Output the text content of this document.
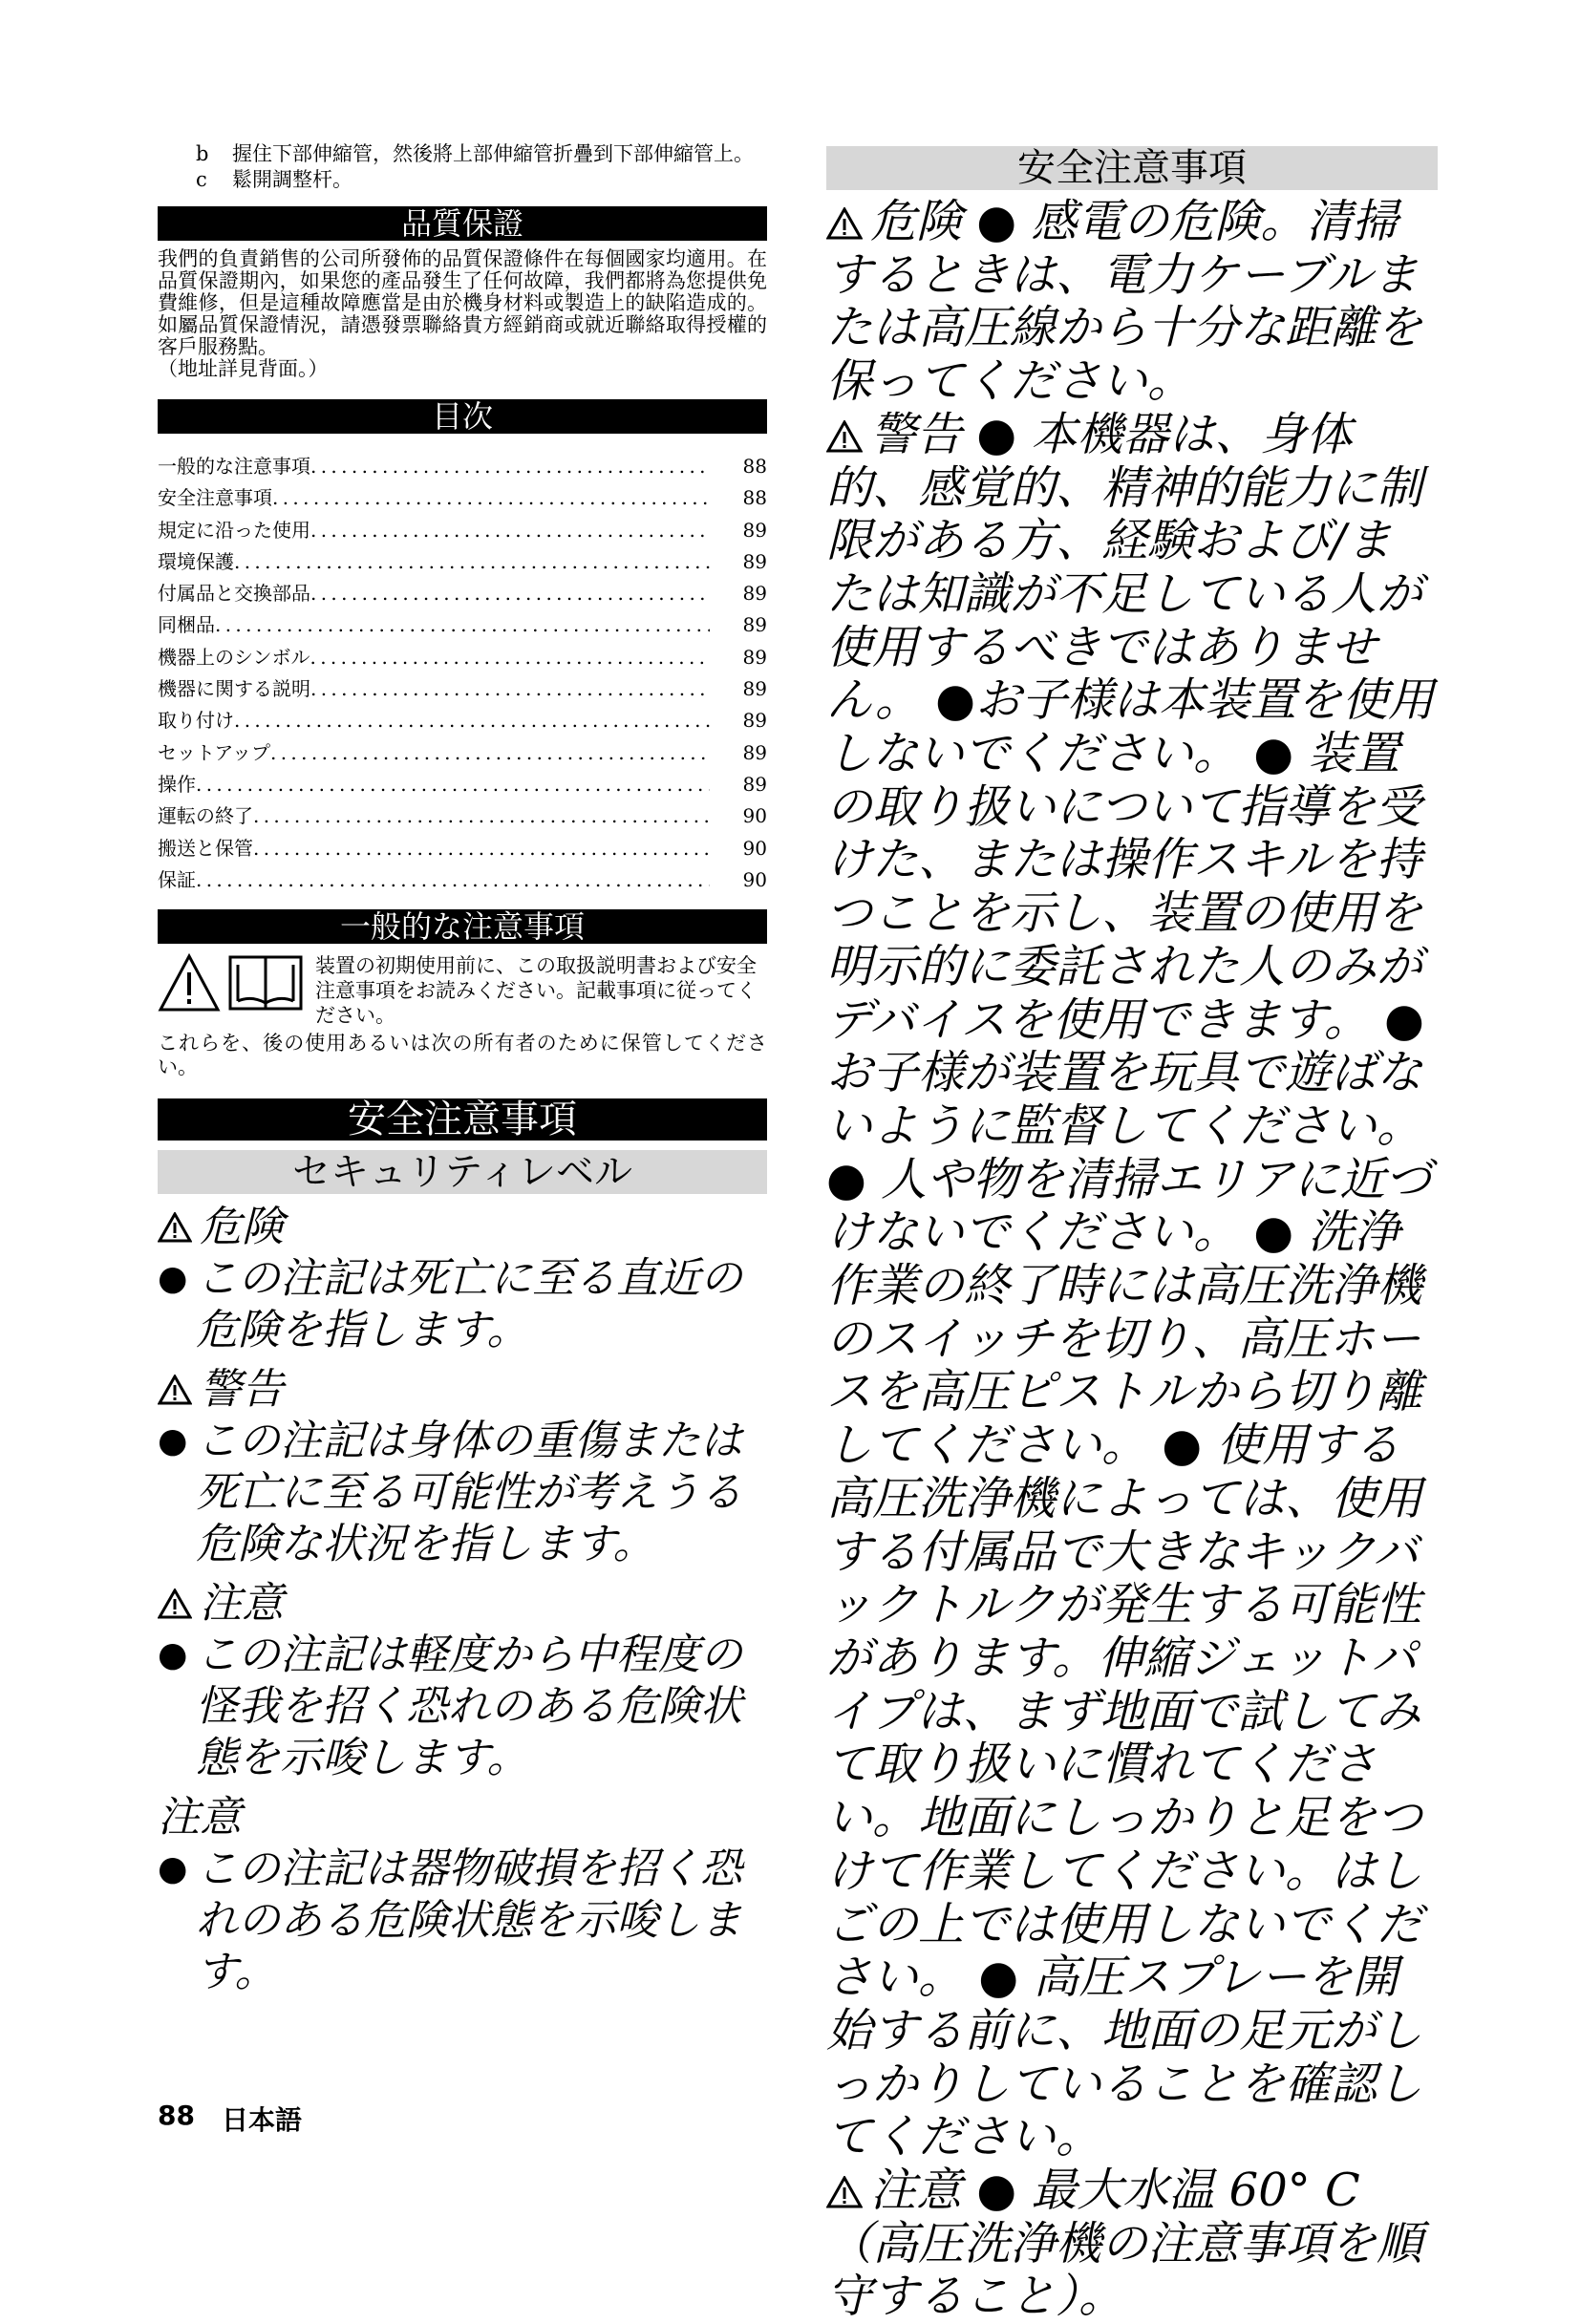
b	握住下部伸縮管，然後將上部伸縮管折疊到下部伸縮管上。
c	鬆開調整杆。
品質保證
我們的負責銷售的公司所發佈的品質保證條件在每個國家均適用。在品質保證期內，如果您的產品發生了任何故障，我們都將為您提供免費維修，但是這種故障應當是由於機身材料或製造上的缺陷造成的。如屬品質保證情況，請憑發票聯絡貴方經銷商或就近聯絡取得授權的客戶服務點。
（地址詳見背面。）
目次
一般的な注意事項 . . .	88
安全注意事項 . . .	88
規定に沿った使用 . . .	89
環境保護 . . .	89
付属品と交換部品 . . .	89
同梱品 . . .	89
機器上のシンボル . . .	89
機器に関する説明 . . .	89
取り付け . . .	89
セットアップ . . .	89
操作 . . .	89
運転の終了 . . .	90
搬送と保管 . . .	90
保証 . . .	90
一般的な注意事項
装置の初期使用前に、この取扱説明書および安全注意事項をお読みください。記載事項に従ってください。
これらを、後の使用あるいは次の所有者のために保管してください。
安全注意事項
セキュリティレベル
危険
● この注記は死亡に至る直近の危険を指します。
警告
● この注記は身体の重傷または死亡に至る可能性が考えうる危険な状況を指します。
注意
● この注記は軽度から中程度の怪我を招く恐れのある危険状態を示唆します。
注意
● この注記は器物破損を招く恐れのある危険状態を示唆します。
安全注意事項
危険 ● 感電の危険。清掃するときは、電力ケーブルまたは高圧線から十分な距離を保ってください。
警告 ● 本機器は、身体的、感覚的、精神的能力に制限がある方、経験および/または知識が不足している人が使用するべきではありません。 ●お子様は本装置を使用しないでください。 ● 装置の取り扱いについて指導を受けた、または操作スキルを持つことを示し、装置の使用を明示的に委託された人のみがデバイスを使用できます。 ● お子様が装置を玩具で遊ばないように監督してください。 ● 人や物を清掃エリアに近づけないでください。 ● 洗浄作業の終了時には高圧洗浄機のスイッチを切り、高圧ホースを高圧ピストルから切り離してください。 ● 使用する高圧洗浄機によっては、使用する付属品で大きなキックバックトルクが発生する可能性があります。伸縮ジェットパイプは、まず地面で試してみて取り扱いに慣れてください。地面にしっかりと足をつけて作業してください。はしごの上では使用しないでください。 ● 高圧スプレーを開始する前に、地面の足元がしっかりしていることを確認してください。
注意 ● 最大水温 60° C（高圧洗浄機の注意事項を順守すること）。
88 日本語
